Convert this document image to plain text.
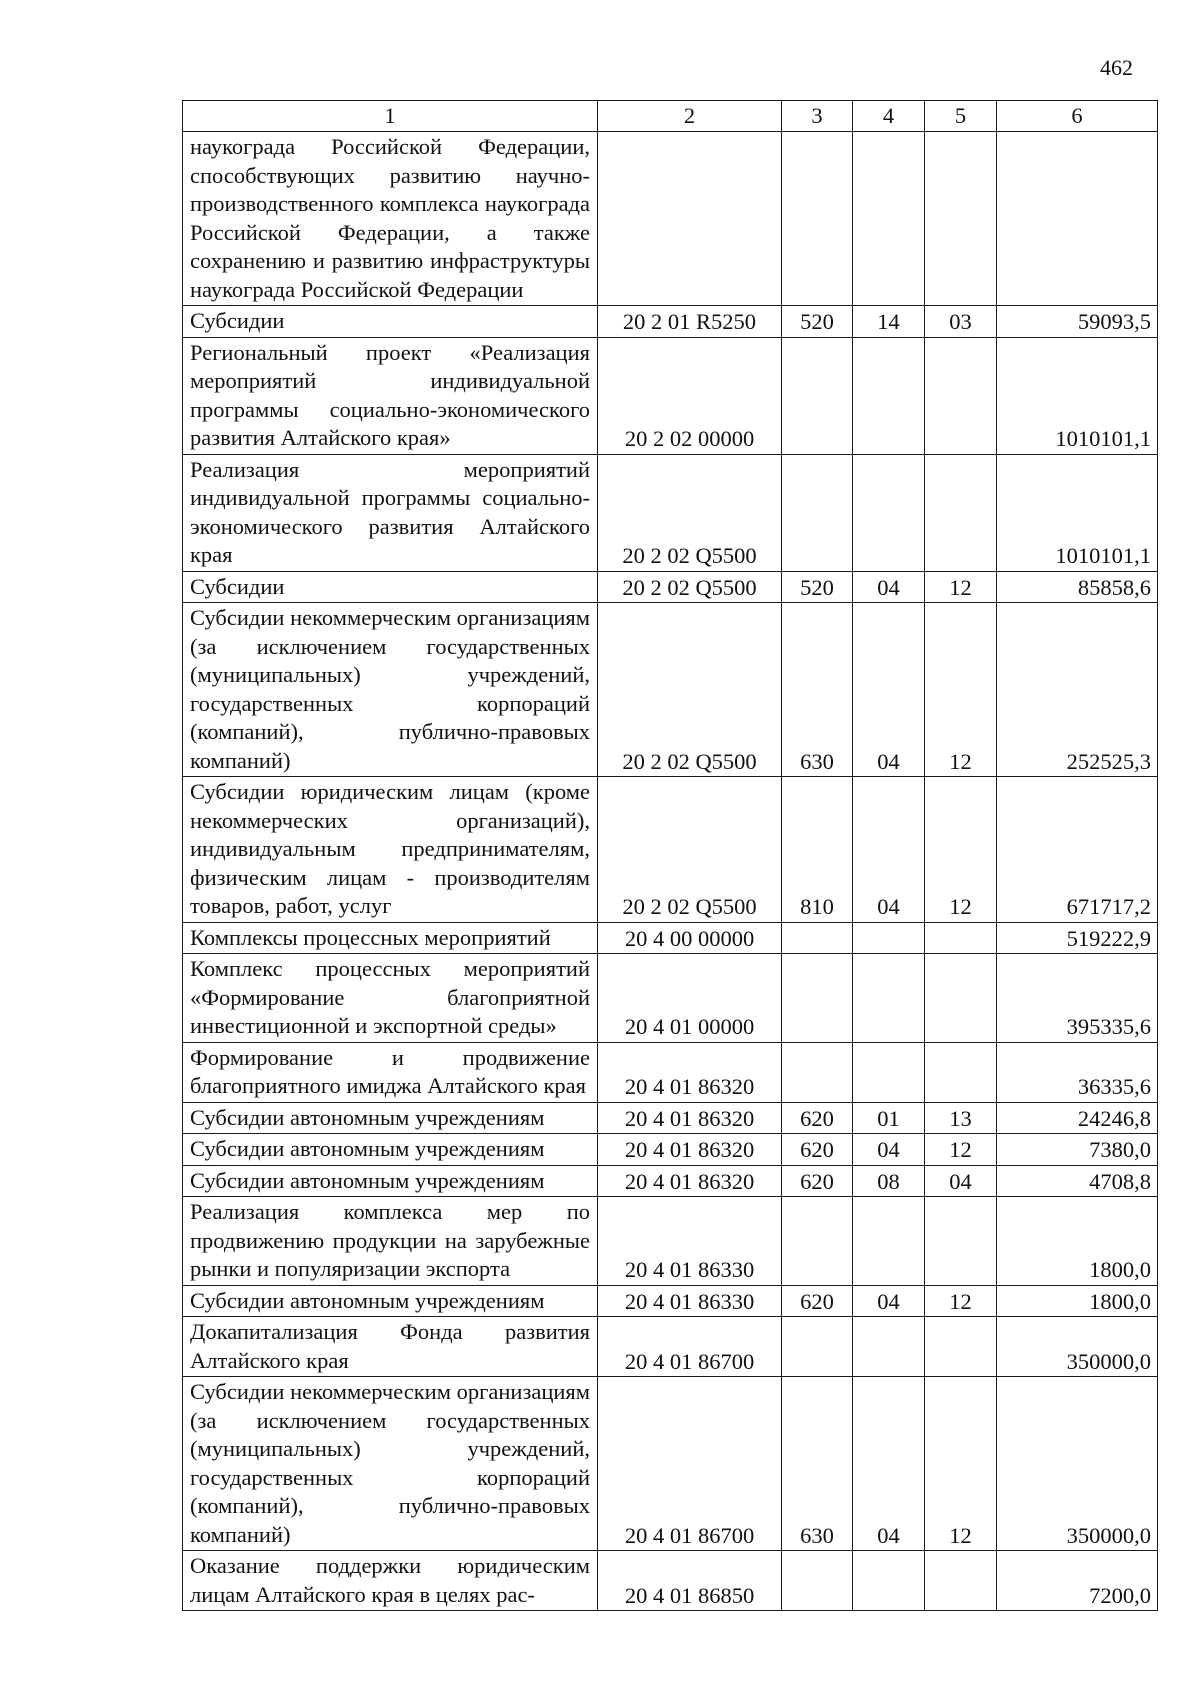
462
1	2	3	4	5	6
наукограда Российской Федерации, способствующих развитию научно-производственного комплекса наукограда Российской Федерации, а также сохранению и развитию инфраструктуры наукограда Российской Федерации					
Субсидии	20 2 01 R5250	520	14	03	59093,5
Региональный проект «Реализация мероприятий индивидуальной программы социально-экономического развития Алтайского края»	20 2 02 00000				1010101,1
Реализация мероприятий индивидуальной программы социально-экономического развития Алтайского края	20 2 02 Q5500				1010101,1
Субсидии	20 2 02 Q5500	520	04	12	85858,6
Субсидии некоммерческим организациям (за исключением государственных (муниципальных) учреждений, государственных корпораций (компаний), публично-правовых компаний)	20 2 02 Q5500	630	04	12	252525,3
Субсидии юридическим лицам (кроме некоммерческих организаций), индивидуальным предпринимателям, физическим лицам - производителям товаров, работ, услуг	20 2 02 Q5500	810	04	12	671717,2
Комплексы процессных мероприятий	20 4 00 00000				519222,9
Комплекс процессных мероприятий «Формирование благоприятной инвестиционной и экспортной среды»	20 4 01 00000				395335,6
Формирование и продвижение благоприятного имиджа Алтайского края	20 4 01 86320				36335,6
Субсидии автономным учреждениям	20 4 01 86320	620	01	13	24246,8
Субсидии автономным учреждениям	20 4 01 86320	620	04	12	7380,0
Субсидии автономным учреждениям	20 4 01 86320	620	08	04	4708,8
Реализация комплекса мер по продвижению продукции на зарубежные рынки и популяризации экспорта	20 4 01 86330				1800,0
Субсидии автономным учреждениям	20 4 01 86330	620	04	12	1800,0
Докапитализация Фонда развития Алтайского края	20 4 01 86700				350000,0
Субсидии некоммерческим организациям (за исключением государственных (муниципальных) учреждений, государственных корпораций (компаний), публично-правовых компаний)	20 4 01 86700	630	04	12	350000,0
Оказание поддержки юридическим лицам Алтайского края в целях рас-	20 4 01 86850				7200,0
